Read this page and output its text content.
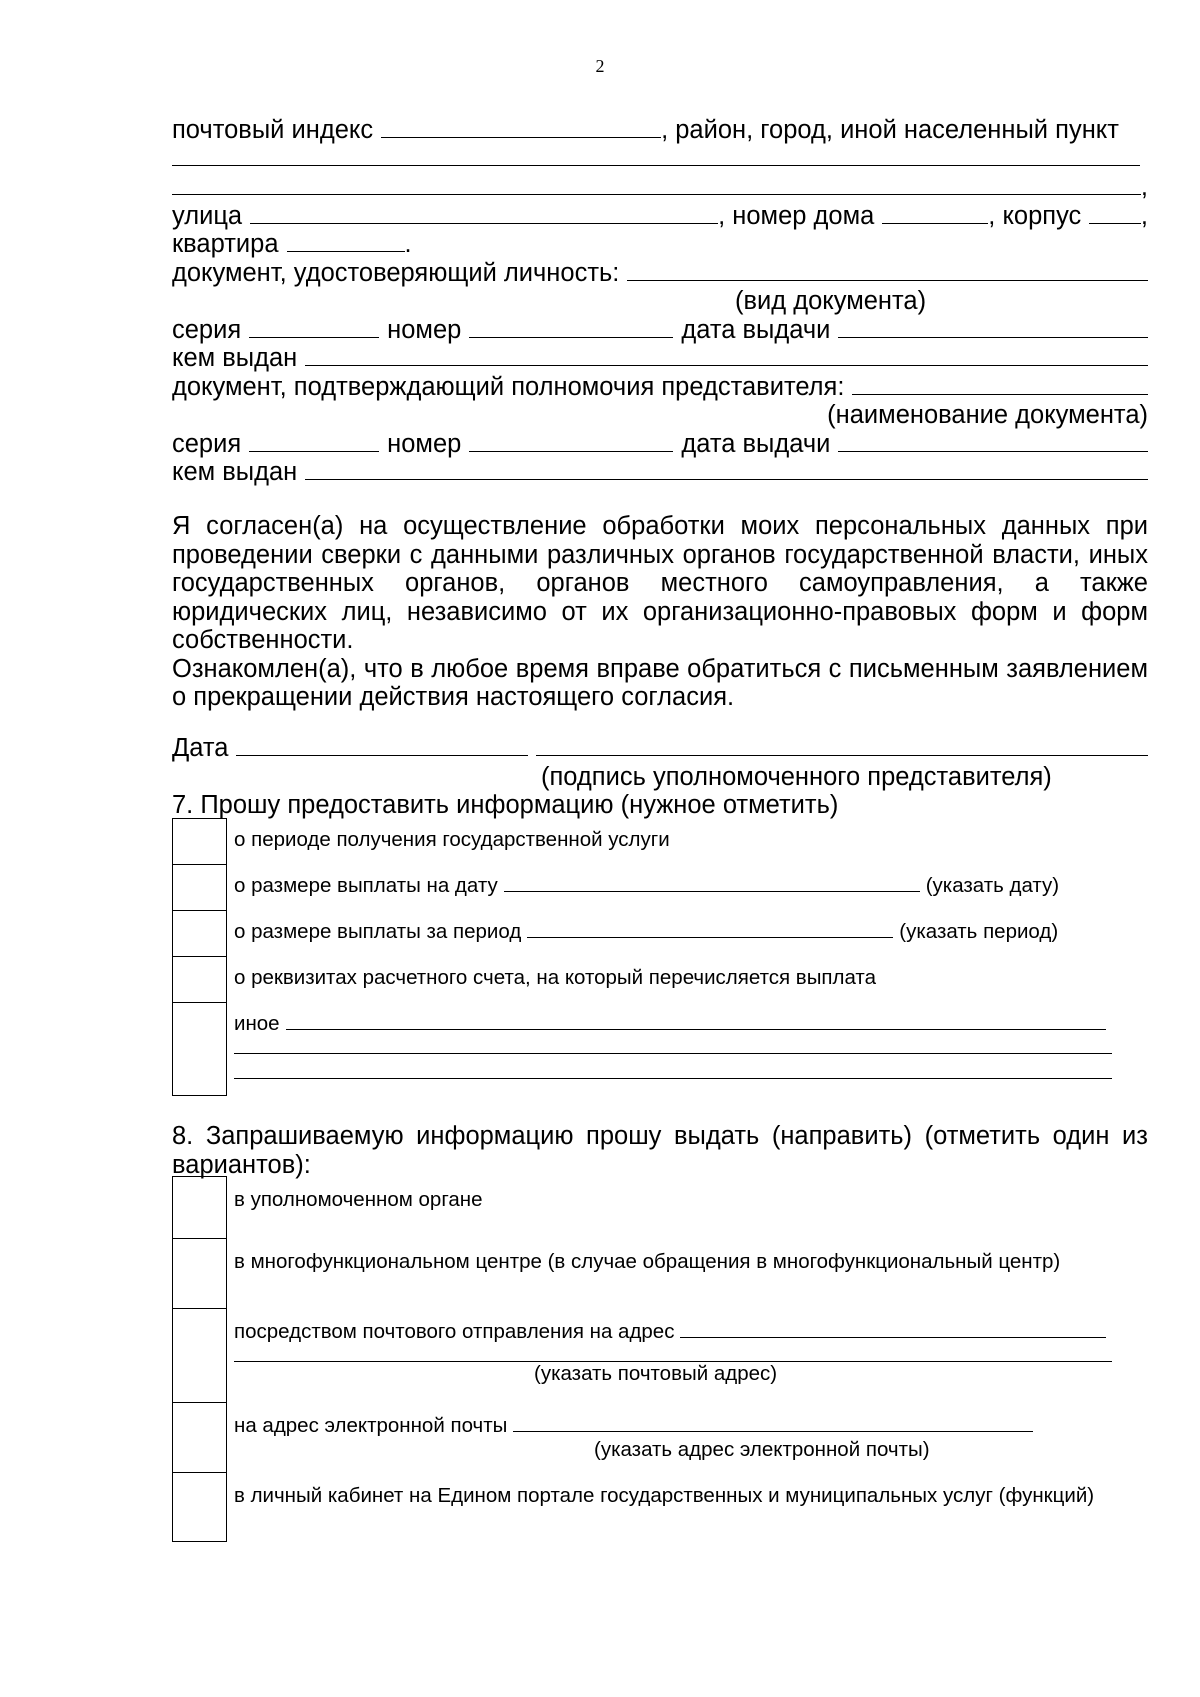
2
почтовый индекс	, район, город, иной населенный пункт
,
улица	, номер дома	, корпус ,
квартира	.
документ, удостоверяющий личность:
(вид документа)
серия	номер	дата выдачи
кем выдан
документ, подтверждающий полномочия представителя:
(наименование документа)
серия	номер	дата выдачи
кем выдан

Я согласен(а) на осуществление обработки моих персональных данных при проведении сверки с данными различных органов государственной власти, иных государственных органов, органов местного самоуправления, а также юридических лиц, независимо от их организационно-правовых форм и форм собственности.

Ознакомлен(а), что в любое время вправе обратиться с письменным заявлением о прекращении действия настоящего согласия.

Дата
(подпись уполномоченного представителя)
7. Прошу предоставить информацию (нужное отметить)
о периоде получения государственной услуги
о размере выплаты на дату	(указать дату)
о размере выплаты за период	(указать период)
о реквизитах расчетного счета, на который перечисляется выплата
иное
8. Запрашиваемую информацию прошу выдать (направить) (отметить один из вариантов):
в уполномоченном органе
в многофункциональном центре (в случае обращения в многофункциональный центр)
посредством почтового отправления на адрес
(указать почтовый адрес)
на адрес электронной почты
(указать адрес электронной почты)
в личный кабинет на Едином портале государственных и муниципальных услуг (функций)
